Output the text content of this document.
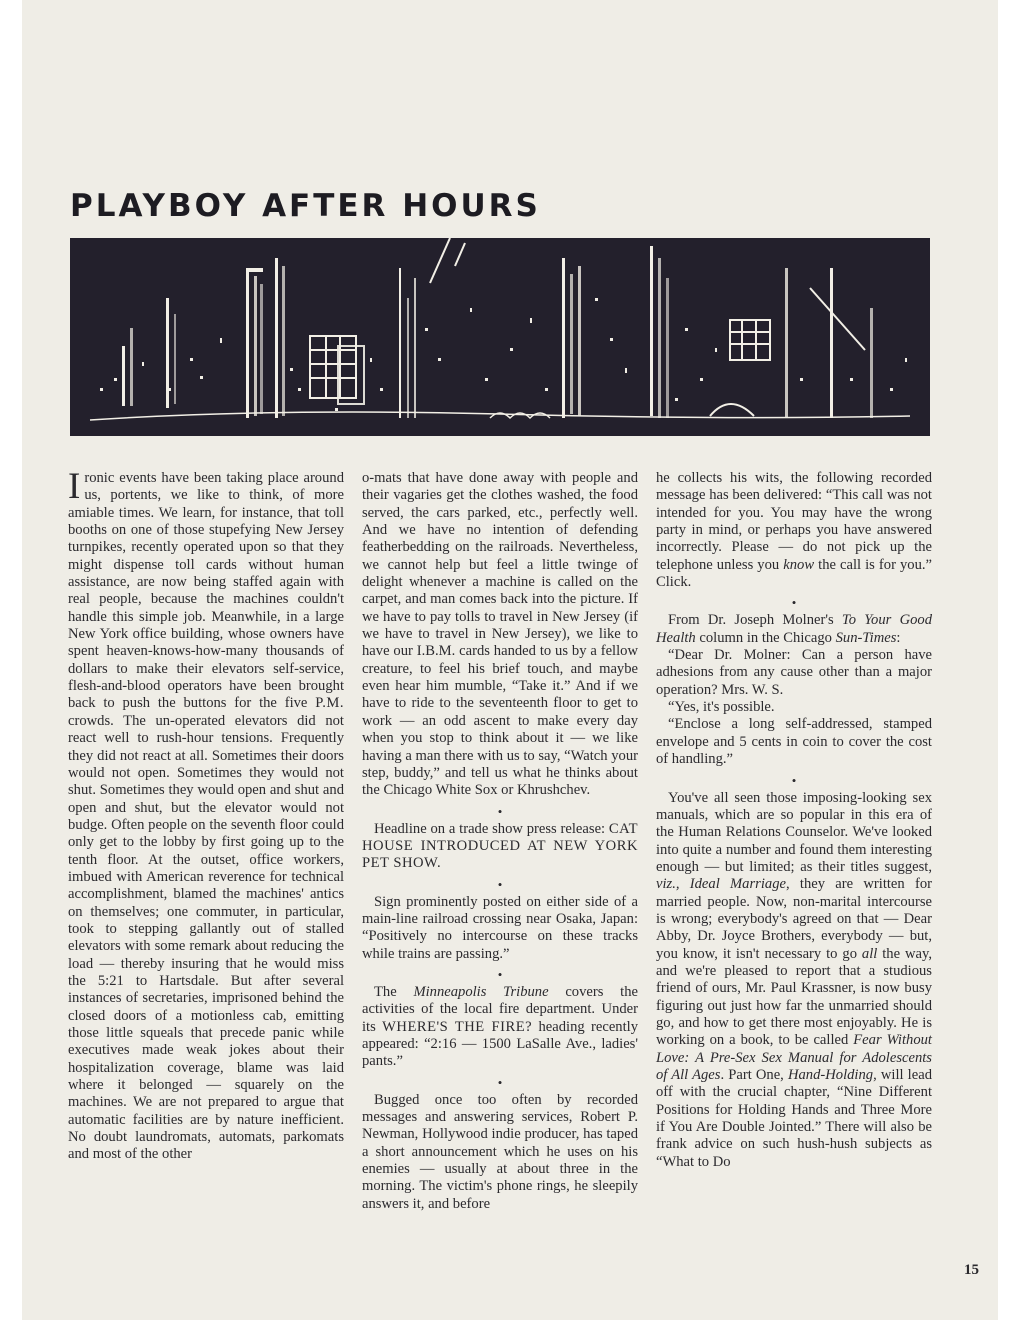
PLAYBOY AFTER HOURS

Ironic events have been taking place around us, portents, we like to think, of more amiable times. We learn, for instance, that toll booths on one of those stupefying New Jersey turnpikes, recently operated upon so that they might dispense toll cards without human assistance, are now being staffed again with real people, because the machines couldn't handle this simple job. Meanwhile, in a large New York office building, whose owners have spent heaven-knows-how-many thousands of dollars to make their elevators self-service, flesh-and-blood operators have been brought back to push the buttons for the five P.M. crowds. The un-operated elevators did not react well to rush-hour tensions. Frequently they did not react at all. Sometimes their doors would not open. Sometimes they would not shut. Sometimes they would open and shut and open and shut, but the elevator would not budge. Often people on the seventh floor could only get to the lobby by first going up to the tenth floor. At the outset, office workers, imbued with American reverence for technical accomplishment, blamed the machines' antics on themselves; one commuter, in particular, took to stepping gallantly out of stalled elevators with some remark about reducing the load — thereby insuring that he would miss the 5:21 to Hartsdale. But after several instances of secretaries, imprisoned behind the closed doors of a motionless cab, emitting those little squeals that precede panic while executives made weak jokes about their hospitalization coverage, blame was laid where it belonged — squarely on the machines. We are not prepared to argue that automatic facilities are by nature inefficient. No doubt laundromats, automats, parkomats and most of the other

o-mats that have done away with people and their vagaries get the clothes washed, the food served, the cars parked, etc., perfectly well. And we have no intention of defending featherbedding on the railroads. Nevertheless, we cannot help but feel a little twinge of delight whenever a machine is called on the carpet, and man comes back into the picture. If we have to pay tolls to travel in New Jersey (if we have to travel in New Jersey), we like to have our I.B.M. cards handed to us by a fellow creature, to feel his brief touch, and maybe even hear him mumble, “Take it.” And if we have to ride to the seventeenth floor to get to work — an odd ascent to make every day when you stop to think about it — we like having a man there with us to say, “Watch your step, buddy,” and tell us what he thinks about the Chicago White Sox or Khrushchev.

•

Headline on a trade show press release: CAT HOUSE INTRODUCED AT NEW YORK PET SHOW.

•

Sign prominently posted on either side of a main-line railroad crossing near Osaka, Japan: “Positively no intercourse on these tracks while trains are passing.”

•

The Minneapolis Tribune covers the activities of the local fire department. Under its WHERE'S THE FIRE? heading recently appeared: “2:16 — 1500 LaSalle Ave., ladies' pants.”

•

Bugged once too often by recorded messages and answering services, Robert P. Newman, Hollywood indie producer, has taped a short announcement which he uses on his enemies — usually at about three in the morning. The victim's phone rings, he sleepily answers it, and before

he collects his wits, the following recorded message has been delivered: “This call was not intended for you. You may have the wrong party in mind, or perhaps you have answered incorrectly. Please — do not pick up the telephone unless you know the call is for you.” Click.

•

From Dr. Joseph Molner's To Your Good Health column in the Chicago Sun-Times:

“Dear Dr. Molner: Can a person have adhesions from any cause other than a major operation? Mrs. W. S.

“Yes, it's possible.

“Enclose a long self-addressed, stamped envelope and 5 cents in coin to cover the cost of handling.”

•

You've all seen those imposing-looking sex manuals, which are so popular in this era of the Human Relations Counselor. We've looked into quite a number and found them interesting enough — but limited; as their titles suggest, viz., Ideal Marriage, they are written for married people. Now, non-marital intercourse is wrong; everybody's agreed on that — Dear Abby, Dr. Joyce Brothers, everybody — but, you know, it isn't necessary to go all the way, and we're pleased to report that a studious friend of ours, Mr. Paul Krassner, is now busy figuring out just how far the unmarried should go, and how to get there most enjoyably. He is working on a book, to be called Fear Without Love: A Pre-Sex Sex Manual for Adolescents of All Ages. Part One, Hand-Holding, will lead off with the crucial chapter, “Nine Different Positions for Holding Hands and Three More if You Are Double Jointed.” There will also be frank advice on such hush-hush subjects as “What to Do

15
